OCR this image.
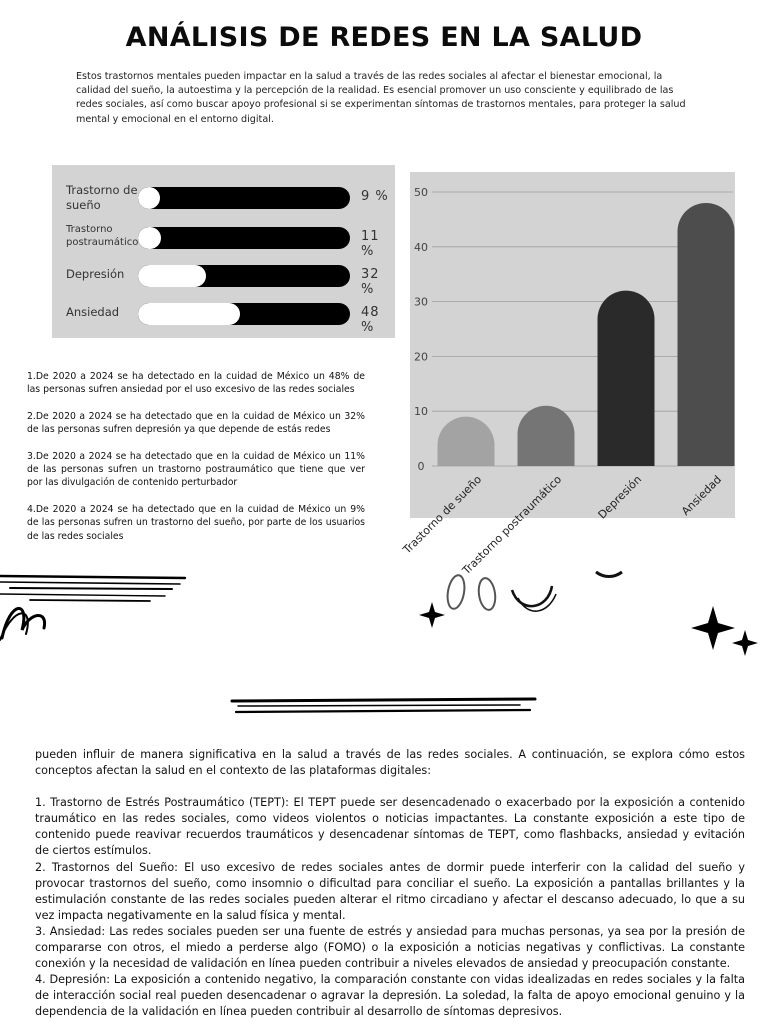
ANÁLISIS DE REDES EN LA SALUD
Estos trastornos mentales pueden impactar en la salud a través de las redes sociales al afectar el bienestar emocional, la calidad del sueño, la autoestima y la percepción de la realidad. Es esencial promover un uso consciente y equilibrado de las redes sociales, así como buscar apoyo profesional si se experimentan síntomas de trastornos mentales, para proteger la salud mental y emocional en el entorno digital.
Trastorno de sueño
9 %
Trastorno postraumático	11 %
Depresión	32 %
Ansiedad	48 %
1.De 2020 a 2024 se ha detectado en la cuidad de México un 48% de las personas sufren ansiedad por el uso excesivo de las redes sociales
2.De 2020 a 2024 se ha detectado que en la cuidad de México un 32% de las personas sufren depresión ya que depende de estás redes
3.De 2020 a 2024 se ha detectado que en la cuidad de México un 11% de las personas sufren un trastorno postraumático que tiene que ver por las divulgación de contenido perturbador
4.De 2020 a 2024 se ha detectado que en la cuidad de México un 9% de las personas sufren un trastorno del sueño, por parte de los usuarios de las redes sociales
0
10
20
30
40
50
Trastorno de sueño
Trastorno postraumático	Depresión	Ansiedad

pueden influir de manera significativa en la salud a través de las redes sociales. A continuación, se explora cómo estos conceptos afectan la salud en el contexto de las plataformas digitales:

1. Trastorno de Estrés Postraumático (TEPT): El TEPT puede ser desencadenado o exacerbado por la exposición a contenido traumático en las redes sociales, como videos violentos o noticias impactantes. La constante exposición a este tipo de contenido puede reavivar recuerdos traumáticos y desencadenar síntomas de TEPT, como flashbacks, ansiedad y evitación de ciertos estímulos.

2. Trastornos del Sueño: El uso excesivo de redes sociales antes de dormir puede interferir con la calidad del sueño y provocar trastornos del sueño, como insomnio o dificultad para conciliar el sueño. La exposición a pantallas brillantes y la estimulación constante de las redes sociales pueden alterar el ritmo circadiano y afectar el descanso adecuado, lo que a su vez impacta negativamente en la salud física y mental.

3. Ansiedad: Las redes sociales pueden ser una fuente de estrés y ansiedad para muchas personas, ya sea por la presión de compararse con otros, el miedo a perderse algo (FOMO) o la exposición a noticias negativas y conflictivas. La constante conexión y la necesidad de validación en línea pueden contribuir a niveles elevados de ansiedad y preocupación constante.

4. Depresión: La exposición a contenido negativo, la comparación constante con vidas idealizadas en redes sociales y la falta de interacción social real pueden desencadenar o agravar la depresión. La soledad, la falta de apoyo emocional genuino y la dependencia de la validación en línea pueden contribuir al desarrollo de síntomas depresivos.
